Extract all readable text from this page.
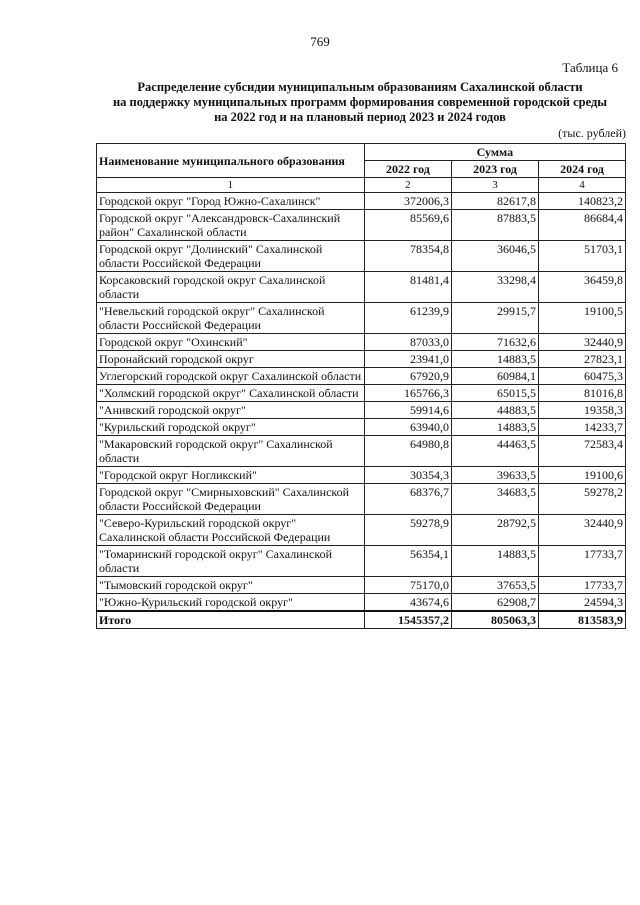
769
Таблица 6
Распределение субсидии муниципальным образованиям Сахалинской области
на поддержку муниципальных программ формирования современной городской среды
на 2022 год и на плановый период 2023 и 2024 годов
(тыс. рублей)
Наименование муниципального образования	Сумма		
	2022 год	2023 год	2024 год
1	2	3	4
Городской округ "Город Южно-Сахалинск"	372006,3	82617,8	140823,2
Городской округ "Александровск-Сахалинский район" Сахалинской области	85569,6	87883,5	86684,4
Городской округ "Долинский" Сахалинской области Российской Федерации	78354,8	36046,5	51703,1
Корсаковский городской округ Сахалинской области	81481,4	33298,4	36459,8
"Невельский городской округ" Сахалинской области Российской Федерации	61239,9	29915,7	19100,5
Городской округ "Охинский"	87033,0	71632,6	32440,9
Поронайский городской округ	23941,0	14883,5	27823,1
Углегорский городской округ Сахалинской области	67920,9	60984,1	60475,3
"Холмский городской округ" Сахалинской области	165766,3	65015,5	81016,8
"Анивский городской округ"	59914,6	44883,5	19358,3
"Курильский городской округ"	63940,0	14883,5	14233,7
"Макаровский городской округ" Сахалинской области	64980,8	44463,5	72583,4
"Городской округ Ногликский"	30354,3	39633,5	19100,6
Городской округ "Смирныховский" Сахалинской области Российской Федерации	68376,7	34683,5	59278,2
"Северо-Курильский городской округ" Сахалинской области Российской Федерации	59278,9	28792,5	32440,9
"Томаринский городской округ" Сахалинской области	56354,1	14883,5	17733,7
"Тымовский городской округ"	75170,0	37653,5	17733,7
"Южно-Курильский городской округ"	43674,6	62908,7	24594,3
Итого	1545357,2	805063,3	813583,9
